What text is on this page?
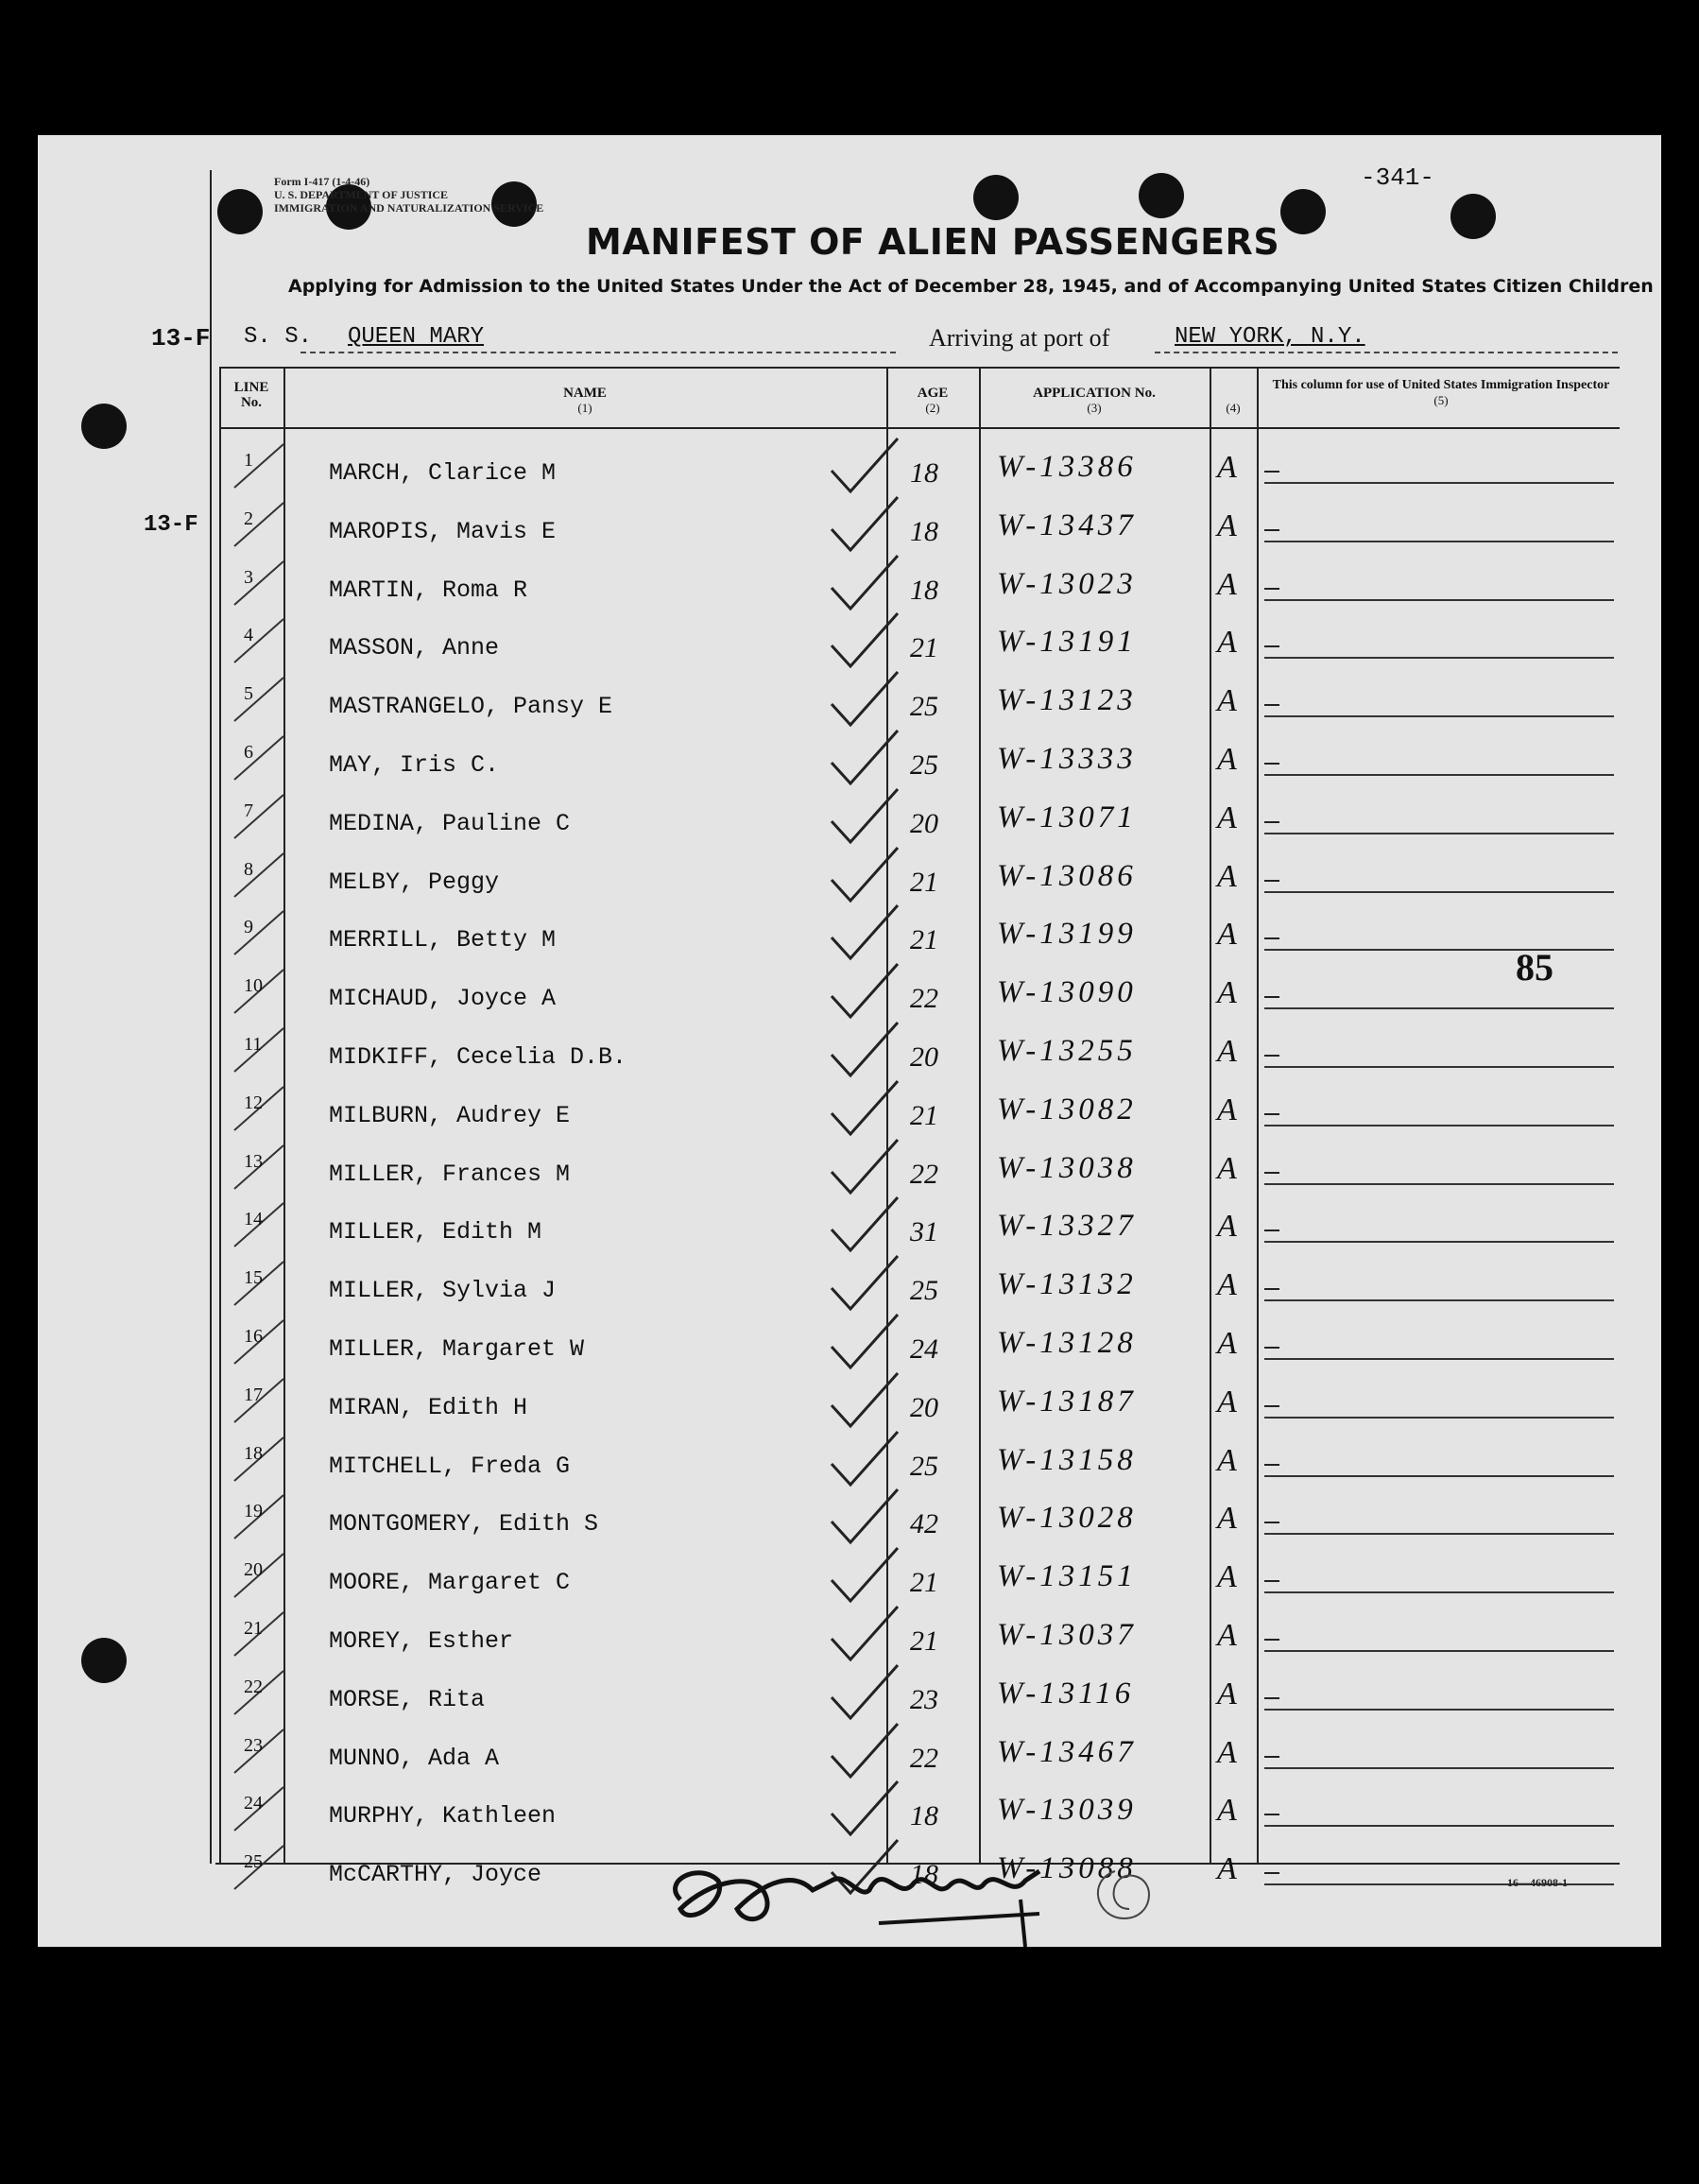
Form I-417 (1-4-46)
U. S. DEPARTMENT OF JUSTICE
IMMIGRATION AND NATURALIZATION SERVICE
-341-
MANIFEST OF ALIEN PASSENGERS
Applying for Admission to the United States Under the Act of December 28, 1945, and of Accompanying United States Citizen Children
13-F
13-F
S. S. QUEEN MARY	Arriving at port of	NEW YORK, N.Y.
LINE No.
NAME
(1)
AGE
(2)
APPLICATION No.
(3)	(4)
This column for use of United States Immigration Inspector
(5)
1	MARCH, Clarice M	18	W-13386	A
2	MAROPIS, Mavis E	18	W-13437	A
3	MARTIN, Roma R	18	W-13023	A
4	MASSON, Anne	21	W-13191	A
5	MASTRANGELO, Pansy E	25	W-13123	A
6	MAY, Iris C.	25	W-13333	A
7	MEDINA, Pauline C	20	W-13071	A
8	MELBY, Peggy	21	W-13086	A
9	MERRILL, Betty M	21	W-13199	A
10	MICHAUD, Joyce A	22	W-13090	A
11	MIDKIFF, Cecelia D.B.	20	W-13255	A
12	MILBURN, Audrey E	21	W-13082	A
13	MILLER, Frances M	22	W-13038	A
14	MILLER, Edith M	31	W-13327	A
15	MILLER, Sylvia J	25	W-13132	A
16	MILLER, Margaret W	24	W-13128	A
17	MIRAN, Edith H	20	W-13187	A
18	MITCHELL, Freda G	25	W-13158	A
19	MONTGOMERY, Edith S	42	W-13028	A
20	MOORE, Margaret C	21	W-13151	A
21	MOREY, Esther	21	W-13037	A
22	MORSE, Rita	23	W-13116	A
23	MUNNO, Ada A	22	W-13467	A
24	MURPHY, Kathleen	18	W-13039	A
25	McCARTHY, Joyce	18	W-13088	A
85
16—46908-1
